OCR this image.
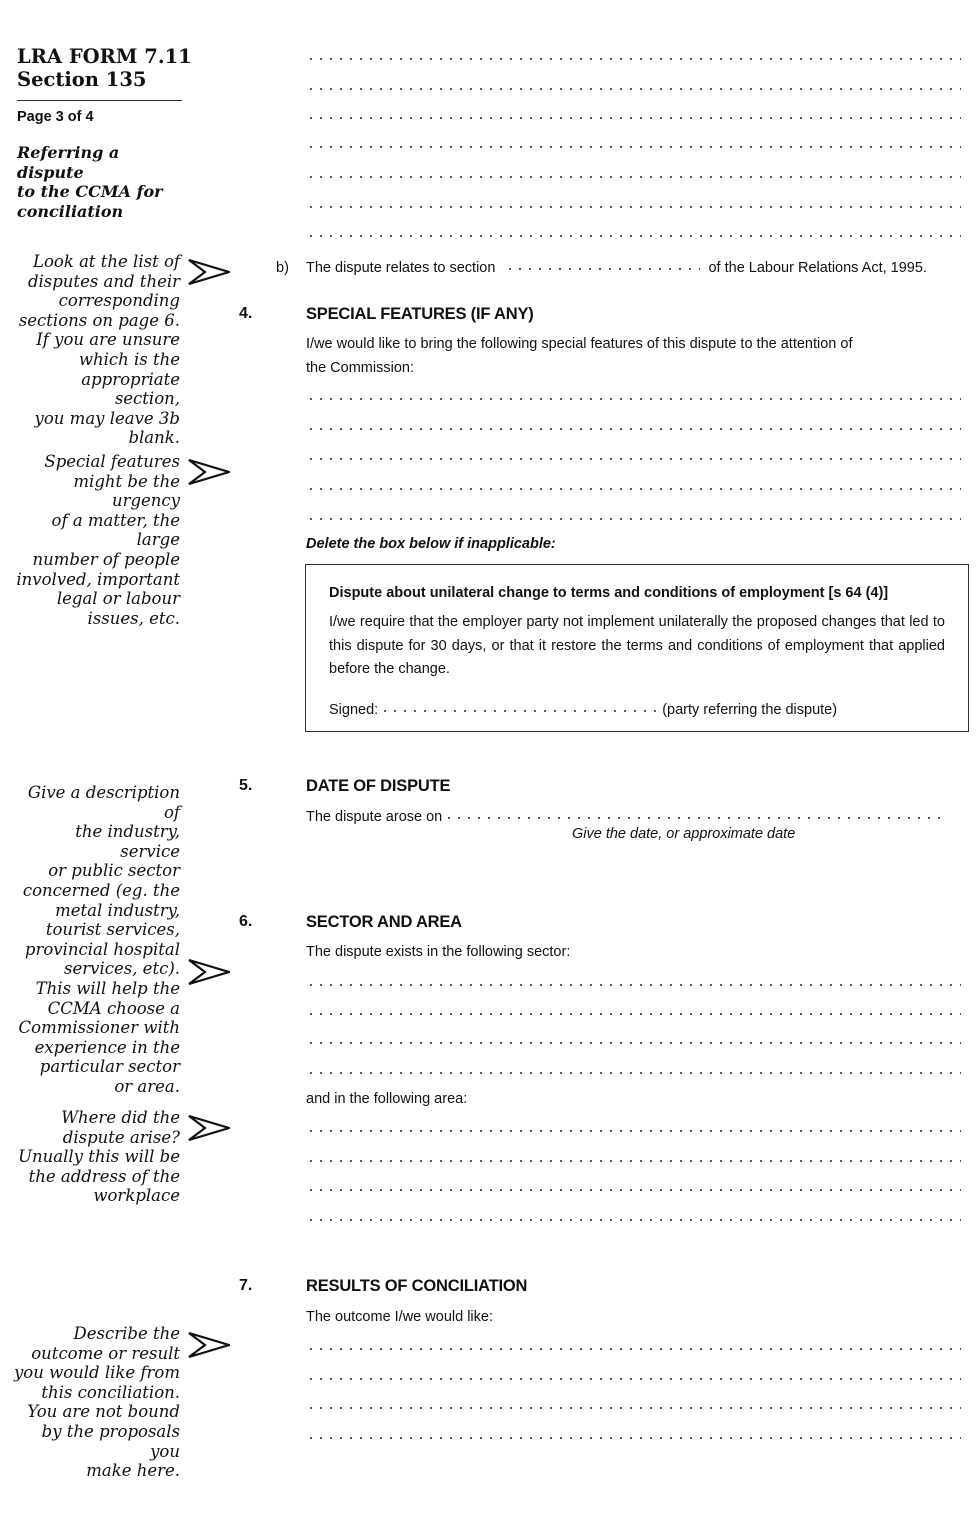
LRA FORM 7.11
Section 135
Page 3 of 4
Referring a dispute
to the CCMA for
conciliation
Look at the list of
disputes and their
corresponding
sections on page 6.
If you are unsure
which is the
appropriate section,
you may leave 3b
blank.
Special features
might be the urgency
of a matter, the large
number of people
involved, important
legal or labour
issues, etc.
Give a description of
the industry, service
or public sector
concerned (eg. the
metal industry,
tourist services,
provincial hospital
services, etc).
This will help the
CCMA choose a
Commissioner with
experience in the
particular sector
or area.
Where did the
dispute arise?
Unually this will be
the address of the
workplace
Describe the
outcome or result
you would like from
this conciliation.
You are not bound
by the proposals you
make here.
b) The dispute relates to section	of the Labour Relations Act, 1995.
4.	SPECIAL FEATURES (IF ANY)
I/we would like to bring the following special features of this dispute to the attention of
the Commission:
Delete the box below if inapplicable:
Dispute about unilateral change to terms and conditions of employment [s 64 (4)]
I/we require that the employer party not implement unilaterally the proposed changes that led to this dispute for 30 days, or that it restore the terms and conditions of employment that applied before the change.
Signed:	(party referring the dispute)
5.	DATE OF DISPUTE
The dispute arose on
Give the date, or approximate date
6.	SECTOR AND AREA
The dispute exists in the following sector:
and in the following area:
7.	RESULTS OF CONCILIATION
The outcome I/we would like:
